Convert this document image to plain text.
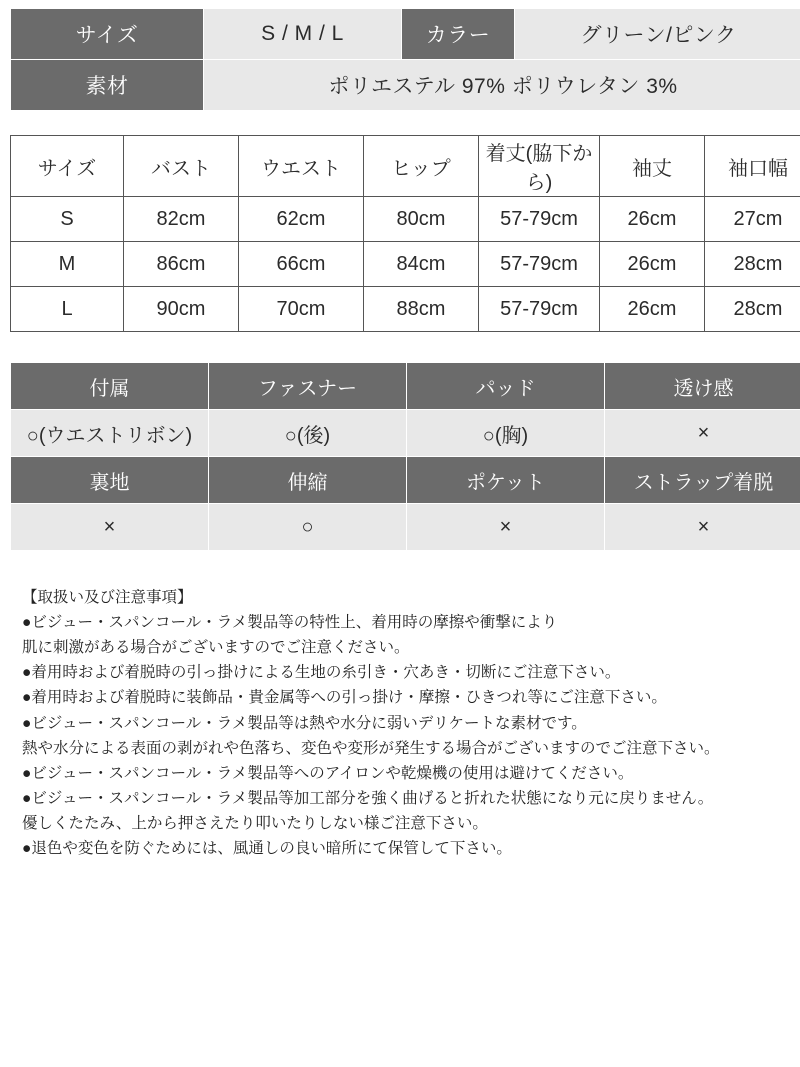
サイズ	S / M / L	カラー	グリーン/ピンク
素材	ポリエステル 97% ポリウレタン 3%		
サイズ	バスト	ウエスト	ヒップ	着丈(脇下から)	袖丈	袖口幅
S	82cm	62cm	80cm	57-79cm	26cm	27cm
M	86cm	66cm	84cm	57-79cm	26cm	28cm
L	90cm	70cm	88cm	57-79cm	26cm	28cm
付属	ファスナー	パッド	透け感
○(ウエストリボン)	○(後)	○(胸)	×
裏地	伸縮	ポケット	ストラップ着脱
×	○	×	×
【取扱い及び注意事項】
●ビジュー・スパンコール・ラメ製品等の特性上、着用時の摩擦や衝撃により
肌に刺激がある場合がございますのでご注意ください。
●着用時および着脱時の引っ掛けによる生地の糸引き・穴あき・切断にご注意下さい。
●着用時および着脱時に装飾品・貴金属等への引っ掛け・摩擦・ひきつれ等にご注意下さい。
●ビジュー・スパンコール・ラメ製品等は熱や水分に弱いデリケートな素材です。
熱や水分による表面の剥がれや色落ち、変色や変形が発生する場合がございますのでご注意下さい。
●ビジュー・スパンコール・ラメ製品等へのアイロンや乾燥機の使用は避けてください。
●ビジュー・スパンコール・ラメ製品等加工部分を強く曲げると折れた状態になり元に戻りません。
優しくたたみ、上から押さえたり叩いたりしない様ご注意下さい。
●退色や変色を防ぐためには、風通しの良い暗所にて保管して下さい。
